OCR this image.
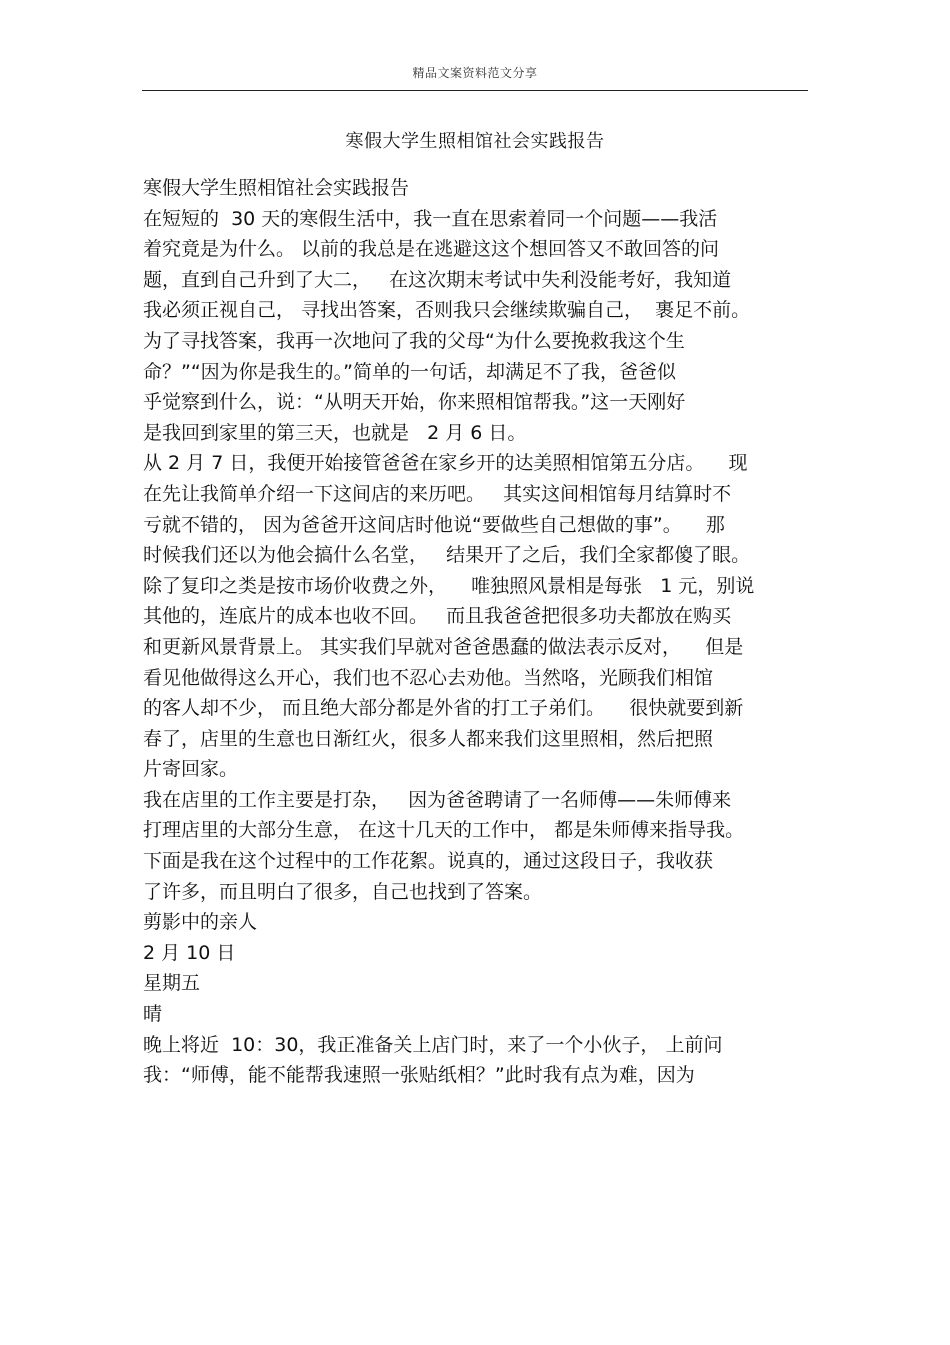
精品文案资料范文分享
寒假大学生照相馆社会实践报告
寒假大学生照相馆社会实践报告
在短短的  30 天的寒假生活中，我一直在思索着同一个问题——我活
着究竟是为什么。 以前的我总是在逃避这这个想回答又不敢回答的问
题，直到自己升到了大二，   在这次期末考试中失利没能考好，我知道
我必须正视自己， 寻找出答案，否则我只会继续欺骗自己，  裹足不前。
为了寻找答案，我再一次地问了我的父母“为什么要挽救我这个生
命？”“因为你是我生的。”简单的一句话，却满足不了我，爸爸似
乎觉察到什么，说：“从明天开始，你来照相馆帮我。”这一天刚好
是我回到家里的第三天，也就是   2 月 6 日。
从 2 月 7 日，我便开始接管爸爸在家乡开的达美照相馆第五分店。    现
在先让我简单介绍一下这间店的来历吧。   其实这间相馆每月结算时不
亏就不错的， 因为爸爸开这间店时他说“要做些自己想做的事”。    那
时候我们还以为他会搞什么名堂，   结果开了之后，我们全家都傻了眼。
除了复印之类是按市场价收费之外，    唯独照风景相是每张   1 元，别说
其他的，连底片的成本也收不回。   而且我爸爸把很多功夫都放在购买
和更新风景背景上。 其实我们早就对爸爸愚蠢的做法表示反对，    但是
看见他做得这么开心，我们也不忍心去劝他。当然咯，光顾我们相馆
的客人却不少， 而且绝大部分都是外省的打工子弟们。    很快就要到新
春了，店里的生意也日渐红火，很多人都来我们这里照相，然后把照
片寄回家。
我在店里的工作主要是打杂，   因为爸爸聘请了一名师傅——朱师傅来
打理店里的大部分生意， 在这十几天的工作中， 都是朱师傅来指导我。
下面是我在这个过程中的工作花絮。说真的，通过这段日子，我收获
了许多，而且明白了很多，自己也找到了答案。
剪影中的亲人
2 月 10 日
星期五
晴
晚上将近  10：30，我正准备关上店门时，来了一个小伙子， 上前问
我：“师傅，能不能帮我速照一张贴纸相？”此时我有点为难，因为
